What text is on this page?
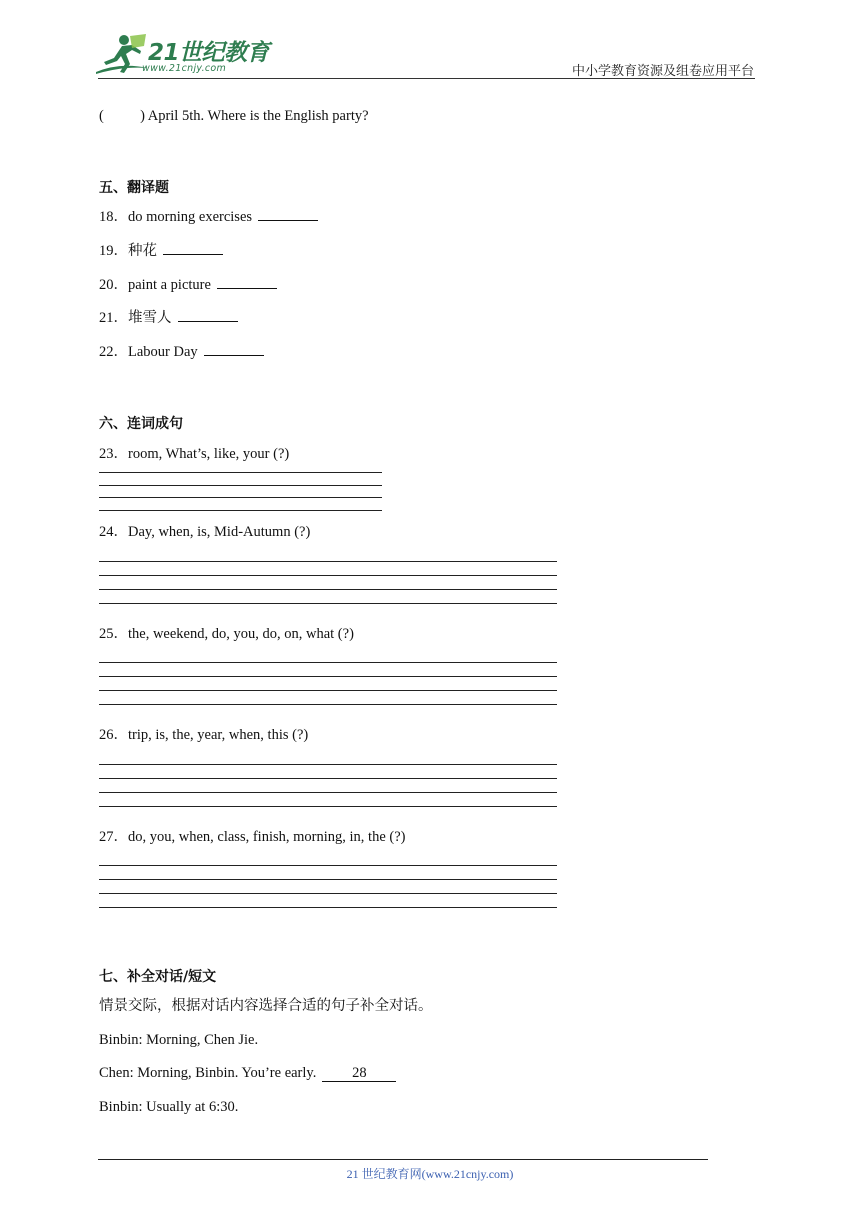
21世纪教育
www.21cnjy.com	中小学教育资源及组卷应用平台
(          ) April 5th. Where is the English party?
五、翻译题
18．do morning exercises
19．种花
20．paint a picture
21．堆雪人
22．Labour Day
六、连词成句
23．room, What’s, like, your (?)
24．Day, when, is, Mid-Autumn (?)
25．the, weekend, do, you, do, on, what (?)
26．trip, is, the, year, when, this (?)
27．do, you, when, class, finish, morning, in, the (?)
七、补全对话/短文
情景交际，根据对话内容选择合适的句子补全对话。
Binbin: Morning, Chen Jie.
Chen: Morning, Binbin. You’re early. 28
Binbin: Usually at 6:30.
21 世纪教育网(www.21cnjy.com)
